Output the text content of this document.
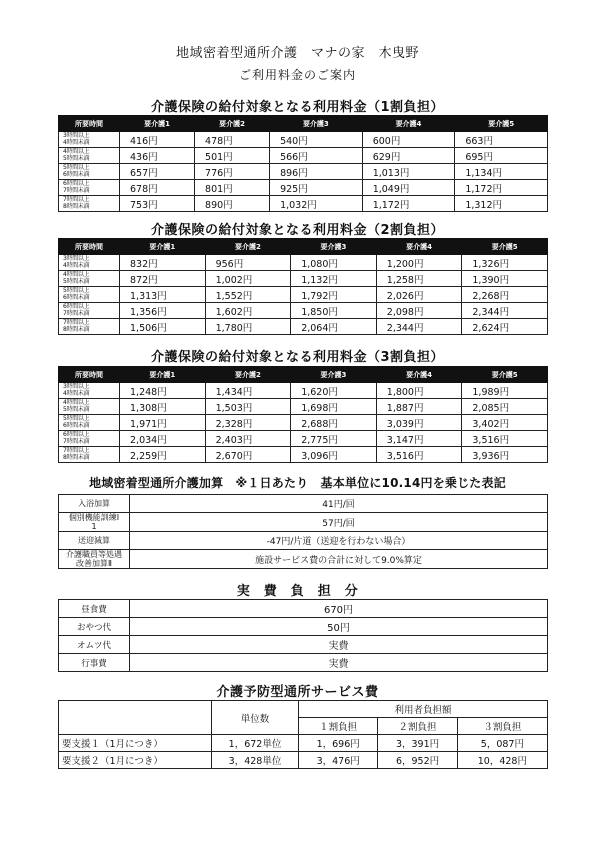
地域密着型通所介護　マナの家　木曳野
ご利用料金のご案内
介護保険の給付対象となる利用料金（1割負担）
所要時間	要介護1	要介護2	要介護3	要介護4	要介護5

3時間以上
4時間未満	416円	478円	540円	600円	663円

4時間以上
5時間未満	436円	501円	566円	629円	695円

5時間以上
6時間未満	657円	776円	896円	1,013円	1,134円

6時間以上
7時間未満	678円	801円	925円	1,049円	1,172円

7時間以上
8時間未満	753円	890円	1,032円	1,172円	1,312円
介護保険の給付対象となる利用料金（2割負担）
所要時間	要介護1	要介護2	要介護3	要介護4	要介護5

3時間以上
4時間未満	832円	956円	1,080円	1,200円	1,326円

4時間以上
5時間未満	872円	1,002円	1,132円	1,258円	1,390円

5時間以上
6時間未満	1,313円	1,552円	1,792円	2,026円	2,268円

6時間以上
7時間未満	1,356円	1,602円	1,850円	2,098円	2,344円

7時間以上
8時間未満	1,506円	1,780円	2,064円	2,344円	2,624円
介護保険の給付対象となる利用料金（3割負担）
所要時間	要介護1	要介護2	要介護3	要介護4	要介護5

3時間以上
4時間未満	1,248円	1,434円	1,620円	1,800円	1,989円

4時間以上
5時間未満	1,308円	1,503円	1,698円	1,887円	2,085円

5時間以上
6時間未満	1,971円	2,328円	2,688円	3,039円	3,402円

6時間以上
7時間未満	2,034円	2,403円	2,775円	3,147円	3,516円

7時間以上
8時間未満	2,259円	2,670円	3,096円	3,516円	3,936円
地域密着型通所介護加算　※１日あたり　基本単位に10.14円を乗じた表記
入浴加算	41円/回
個別機能訓練Ⅰ
1	57円/回
送迎減算	-47円/片道（送迎を行わない場合）
介護職員等処遇
改善加算Ⅱ	施設サービス費の合計に対して9.0%算定
実　費　負　担　分
昼食費	670円
おやつ代	50円
オムツ代	実費
行事費	実費
介護予防型通所サービス費
	単位数	利用者負担額		
		１割負担	２割負担	３割負担
要支援１（1月につき）	1，672単位	1，696円	3，391円	5，087円
要支援２（1月につき）	3，428単位	3，476円	6，952円	10，428円
